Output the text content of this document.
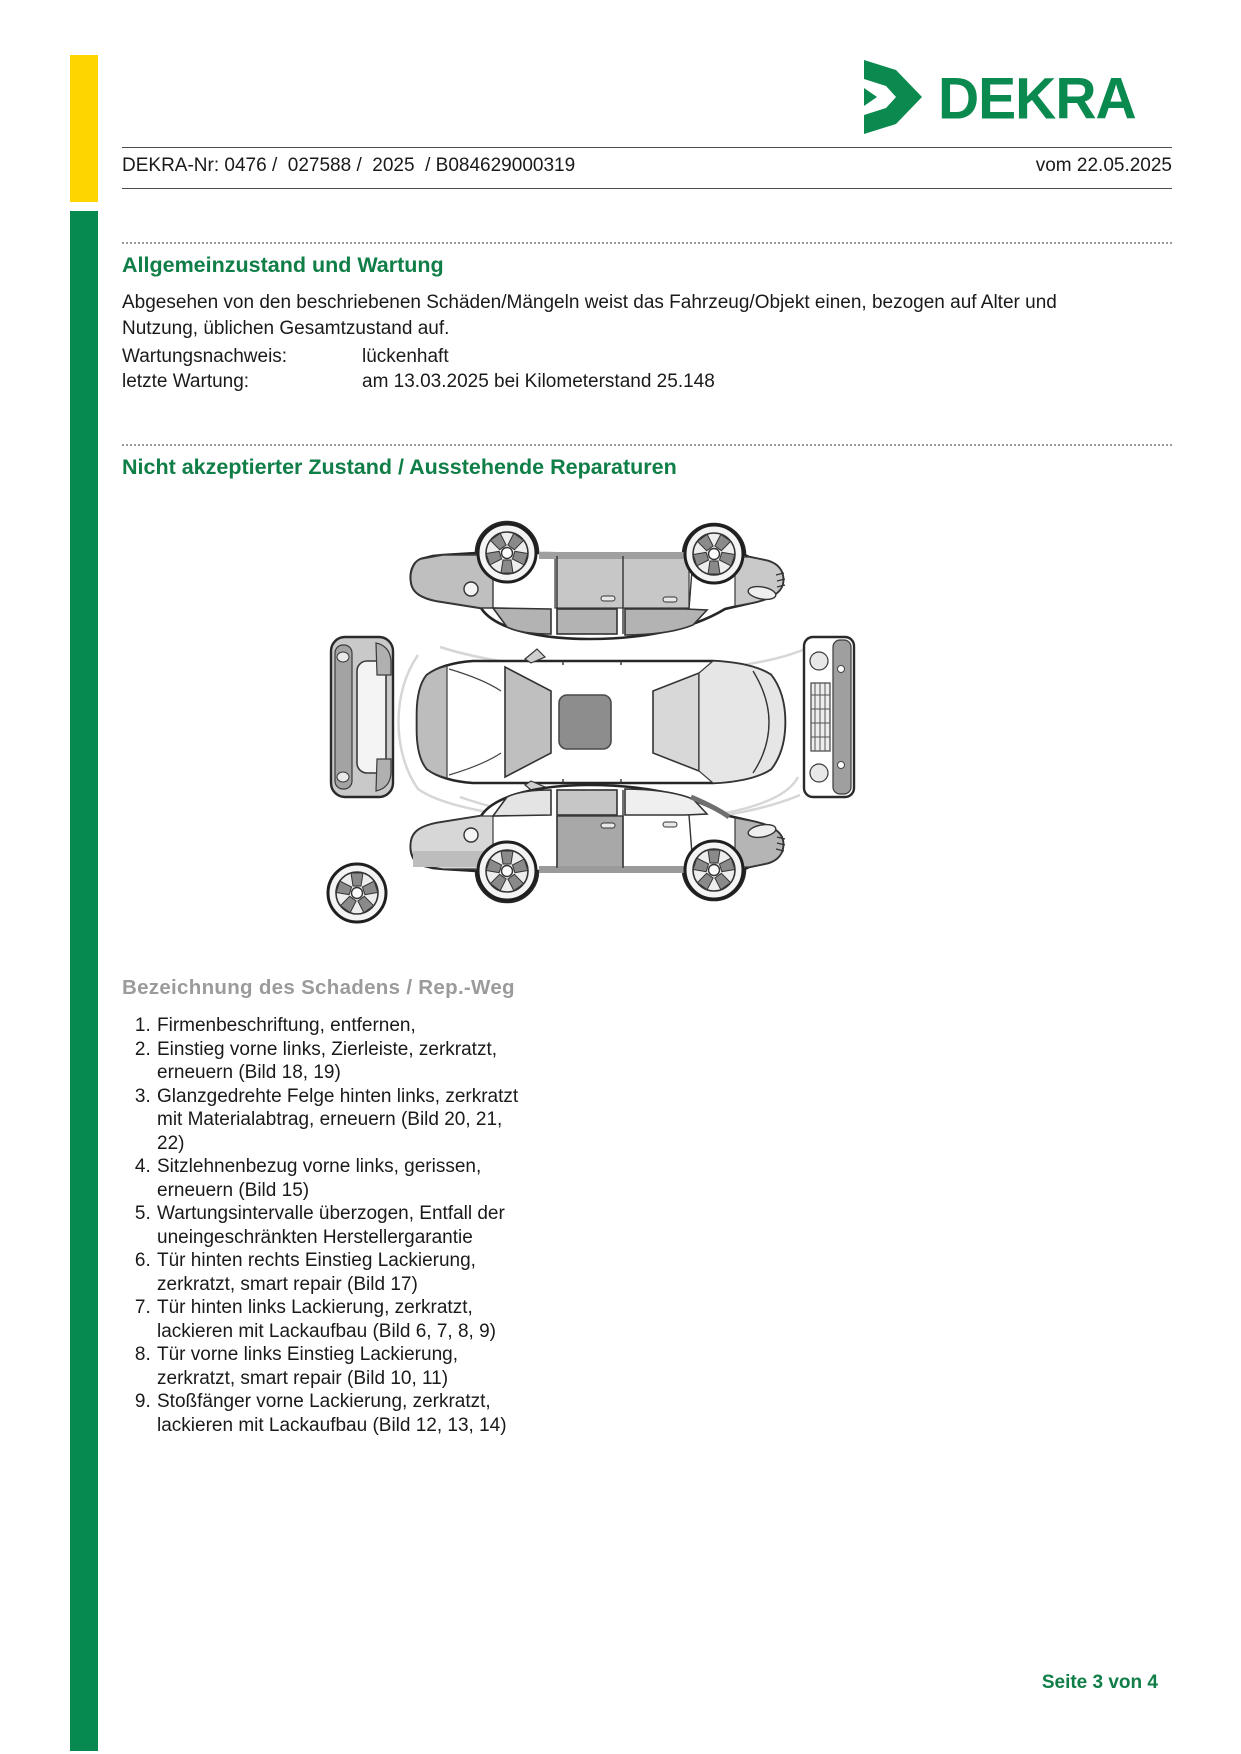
DEKRA
DEKRA-Nr: 0476 /  027588 /  2025  / B084629000319	vom 22.05.2025
Allgemeinzustand und Wartung
Abgesehen von den beschriebenen Schäden/Mängeln weist das Fahrzeug/Objekt einen, bezogen auf Alter und Nutzung, üblichen Gesamtzustand auf.
Wartungsnachweis:	lückenhaft
letzte Wartung:	am 13.03.2025 bei Kilometerstand 25.148
Nicht akzeptierter Zustand / Ausstehende Reparaturen
Bezeichnung des Schadens / Rep.-Weg
1. Firmenbeschriftung, entfernen,
2. Einstieg vorne links, Zierleiste, zerkratzt, erneuern (Bild 18, 19)
3. Glanzgedrehte Felge hinten links, zerkratzt mit Materialabtrag, erneuern (Bild 20, 21, 22)
4. Sitzlehnenbezug vorne links, gerissen, erneuern (Bild 15)
5. Wartungsintervalle überzogen, Entfall der uneingeschränkten Herstellergarantie
6. Tür hinten rechts Einstieg Lackierung, zerkratzt, smart repair (Bild 17)
7. Tür hinten links Lackierung, zerkratzt, lackieren mit Lackaufbau (Bild 6, 7, 8, 9)
8. Tür vorne links Einstieg Lackierung, zerkratzt, smart repair (Bild 10, 11)
9. Stoßfänger vorne Lackierung, zerkratzt, lackieren mit Lackaufbau (Bild 12, 13, 14)
Seite 3 von 4
